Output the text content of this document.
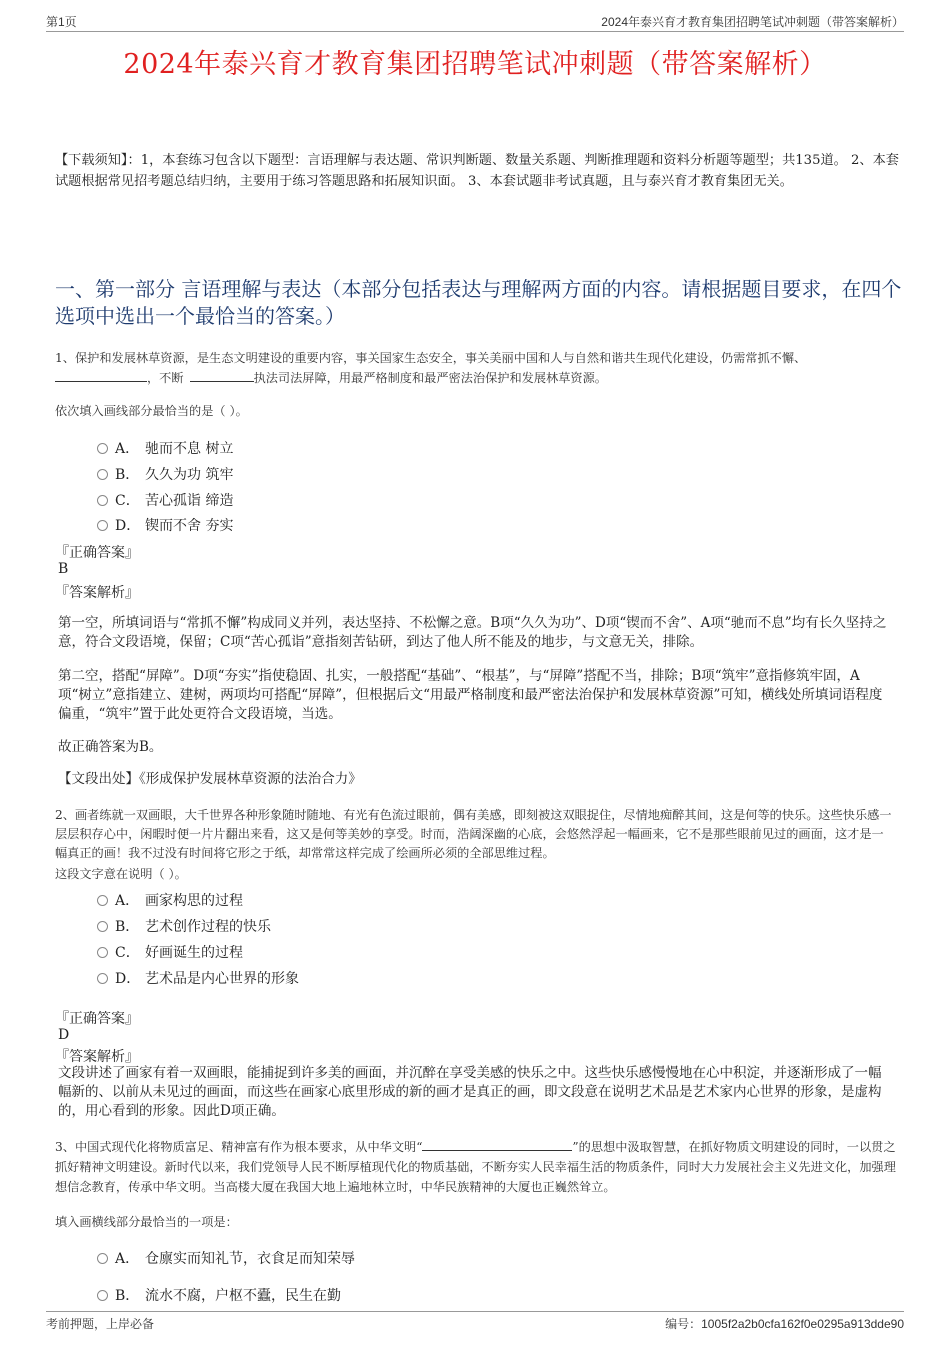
第1页	2024年泰兴育才教育集团招聘笔试冲刺题（带答案解析）
2024年泰兴育才教育集团招聘笔试冲刺题（带答案解析）
【下载须知】：1，本套练习包含以下题型：言语理解与表达题、常识判断题、数量关系题、判断推理题和资料分析题等题型；共135道。 2、本套试题根据常见招考题总结归纳，主要用于练习答题思路和拓展知识面。 3、本套试题非考试真题，且与泰兴育才教育集团无关。
一、第一部分 言语理解与表达（本部分包括表达与理解两方面的内容。请根据题目要求，在四个选项中选出一个最恰当的答案。）
1、保护和发展林草资源，是生态文明建设的重要内容，事关国家生态安全，事关美丽中国和人与自然和谐共生现代化建设，仍需常抓不懈、
，不断	执法司法屏障，用最严格制度和最严密法治保护和发展林草资源。
依次填入画线部分最恰当的是（ ）。
A． 驰而不息 树立
B． 久久为功 筑牢
C． 苦心孤诣 缔造
D． 锲而不舍 夯实
『正确答案』
B
『答案解析』
第一空，所填词语与“常抓不懈”构成同义并列，表达坚持、不松懈之意。B项“久久为功”、D项“锲而不舍”、A项“驰而不息”均有长久坚持之意，符合文段语境，保留；C项“苦心孤诣”意指刻苦钻研，到达了他人所不能及的地步，与文意无关，排除。
第二空，搭配“屏障”。D项“夯实”指使稳固、扎实，一般搭配“基础”、“根基”，与“屏障”搭配不当，排除；B项“筑牢”意指修筑牢固，A项“树立”意指建立、建树，两项均可搭配“屏障”，但根据后文“用最严格制度和最严密法治保护和发展林草资源”可知，横线处所填词语程度偏重，“筑牢”置于此处更符合文段语境，当选。
故正确答案为B。
【文段出处】《形成保护发展林草资源的法治合力》
2、画者练就一双画眼，大千世界各种形象随时随地、有光有色流过眼前，偶有美感，即刻被这双眼捉住，尽情地痴醉其间，这是何等的快乐。这些快乐感一层层积存心中，闲暇时便一片片翻出来看，这又是何等美妙的享受。时而，浩阔深幽的心底，会悠然浮起一幅画来，它不是那些眼前见过的画面，这才是一幅真正的画！我不过没有时间将它形之于纸，却常常这样完成了绘画所必须的全部思维过程。
这段文字意在说明（ ）。
A． 画家构思的过程
B． 艺术创作过程的快乐
C． 好画诞生的过程
D． 艺术品是内心世界的形象
『正确答案』
D
『答案解析』
文段讲述了画家有着一双画眼，能捕捉到许多美的画面，并沉醉在享受美感的快乐之中。这些快乐感慢慢地在心中积淀，并逐渐形成了一幅幅新的、以前从未见过的画面，而这些在画家心底里形成的新的画才是真正的画，即文段意在说明艺术品是艺术家内心世界的形象，是虚构的，用心看到的形象。因此D项正确。
3、中国式现代化将物质富足、精神富有作为根本要求，从中华文明“	”的思想中汲取智慧，在抓好物质文明建设的同时，一以贯之抓好精神文明建设。新时代以来，我们党领导人民不断厚植现代化的物质基础，不断夯实人民幸福生活的物质条件，同时大力发展社会主义先进文化，加强理想信念教育，传承中华文明。当高楼大厦在我国大地上遍地林立时，中华民族精神的大厦也正巍然耸立。
填入画横线部分最恰当的一项是：
A． 仓廪实而知礼节，衣食足而知荣辱
B． 流水不腐，户枢不蠹，民生在勤
考前押题，上岸必备	编号：1005f2a2b0cfa162f0e0295a913dde90
